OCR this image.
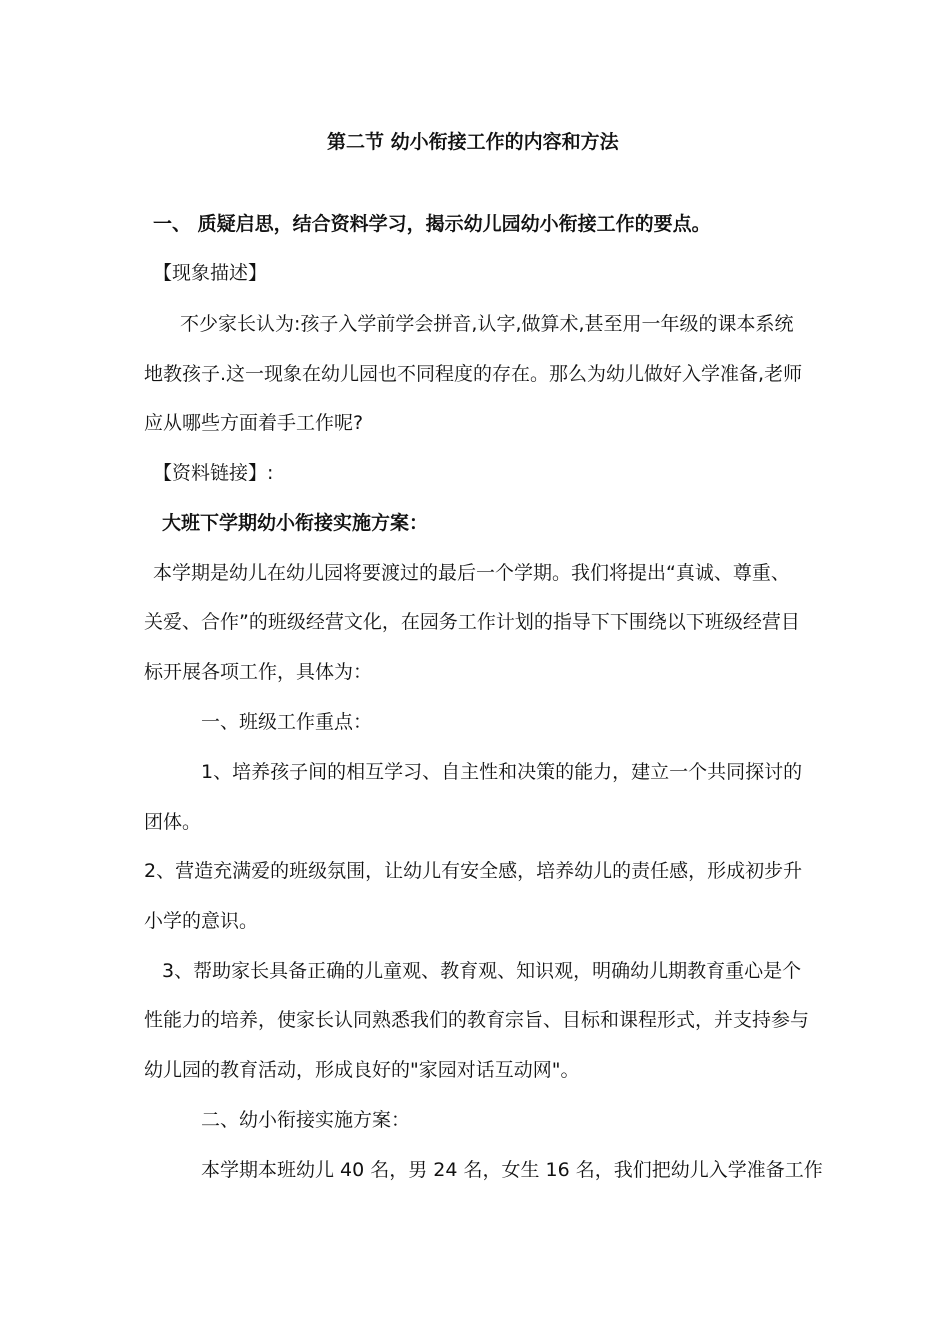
第二节 幼小衔接工作的内容和方法
一、 质疑启思，结合资料学习，揭示幼儿园幼小衔接工作的要点。
【现象描述】
不少家长认为:孩子入学前学会拼音,认字,做算术,甚至用一年级的课本系统
地教孩子.这一现象在幼儿园也不同程度的存在。那么为幼儿做好入学准备,老师
应从哪些方面着手工作呢?
【资料链接】:
大班下学期幼小衔接实施方案：
本学期是幼儿在幼儿园将要渡过的最后一个学期。我们将提出“真诚、尊重、
关爱、合作”的班级经营文化，在园务工作计划的指导下下围绕以下班级经营目
标开展各项工作，具体为：
一、班级工作重点：
1、培养孩子间的相互学习、自主性和决策的能力，建立一个共同探讨的
团体。
2、营造充满爱的班级氛围，让幼儿有安全感，培养幼儿的责任感，形成初步升
小学的意识。
3、帮助家长具备正确的儿童观、教育观、知识观，明确幼儿期教育重心是个
性能力的培养，使家长认同熟悉我们的教育宗旨、目标和课程形式，并支持参与
幼儿园的教育活动，形成良好的"家园对话互动网"。
二、幼小衔接实施方案：
本学期本班幼儿 40 名，男 24 名，女生 16 名，我们把幼儿入学准备工作
